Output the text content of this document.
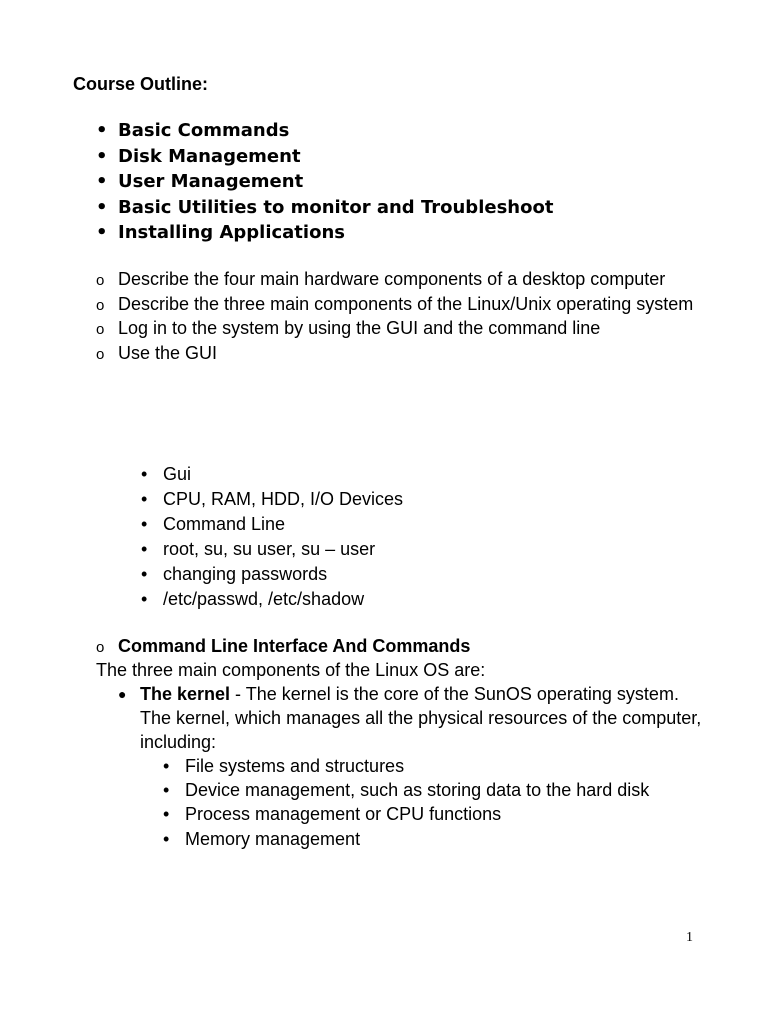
Course Outline:
• Basic Commands
• Disk Management
• User Management
• Basic Utilities to monitor and Troubleshoot
• Installing Applications
o Describe the four main hardware components of a desktop computer
o Describe the three main components of the Linux/Unix operating system
o Log in to the system by using the GUI and the command line
o Use the GUI
• Gui
• CPU, RAM, HDD, I/O Devices
• Command Line
• root, su, su user, su – user
• changing passwords
• /etc/passwd, /etc/shadow
o Command Line Interface And Commands

The three main components of the Linux OS are:

● The kernel - The kernel is the core of the SunOS operating system. The kernel, which manages all the physical resources of the computer, including:
• File systems and structures
• Device management, such as storing data to the hard disk
• Process management or CPU functions
• Memory management
1
